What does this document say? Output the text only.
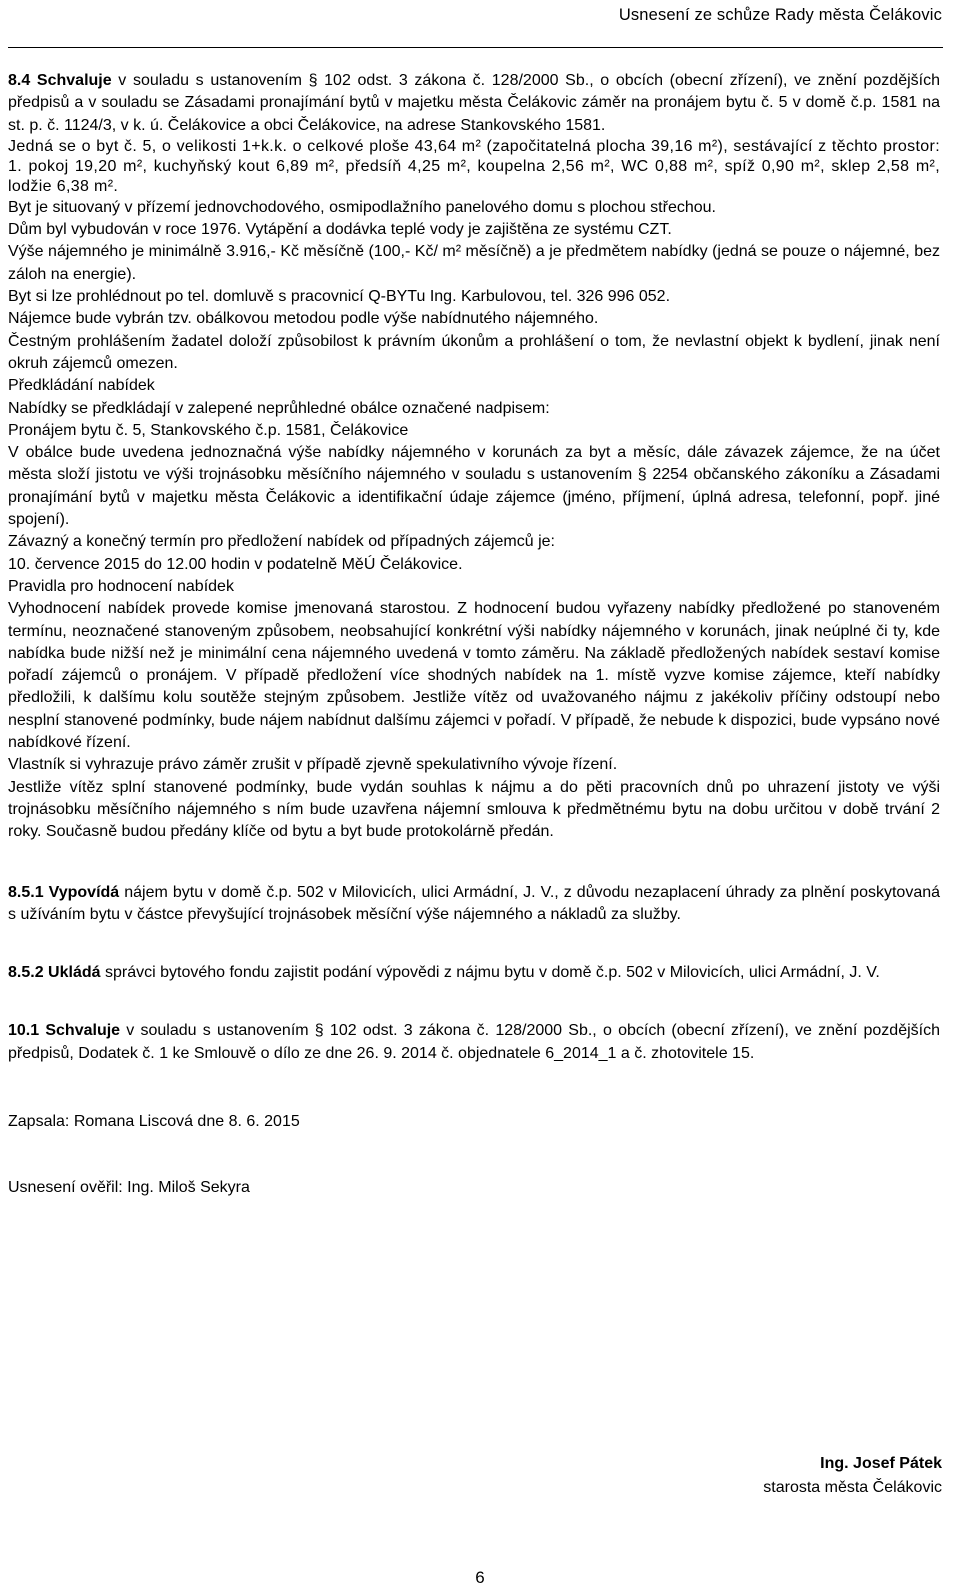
Usnesení ze schůze Rady města Čelákovic

8.4 Schvaluje v souladu s ustanovením § 102 odst. 3 zákona č. 128/2000 Sb., o obcích (obecní zřízení), ve znění pozdějších předpisů a v souladu se Zásadami pronajímání bytů v majetku města Čelákovic záměr na pronájem bytu č. 5 v domě č.p. 1581 na st. p. č. 1124/3, v k. ú. Čelákovice a obci Čelákovice, na adrese Stankovského 1581.

Jedná se o byt č. 5, o velikosti 1+k.k. o celkové ploše 43,64 m² (započitatelná plocha 39,16 m²), sestávající z těchto prostor: 1. pokoj 19,20 m², kuchyňský kout 6,89 m², předsíň 4,25 m², koupelna 2,56 m², WC 0,88 m², spíž 0,90 m², sklep 2,58 m², lodžie 6,38 m².

Byt je situovaný v přízemí jednovchodového, osmipodlažního panelového domu s plochou střechou.

Dům byl vybudován v roce 1976. Vytápění a dodávka teplé vody je zajištěna ze systému CZT.

Výše nájemného je minimálně 3.916,- Kč měsíčně (100,- Kč/ m² měsíčně) a je předmětem nabídky (jedná se pouze o nájemné, bez záloh na energie).

Byt si lze prohlédnout po tel. domluvě s pracovnicí Q-BYTu Ing. Karbulovou, tel. 326 996 052.

Nájemce bude vybrán tzv. obálkovou metodou podle výše nabídnutého nájemného.

Čestným prohlášením žadatel doloží způsobilost k právním úkonům a prohlášení o tom, že nevlastní objekt k bydlení, jinak není okruh zájemců omezen.

Předkládání nabídek

Nabídky se předkládají v zalepené neprůhledné obálce označené nadpisem:

Pronájem bytu č. 5, Stankovského č.p. 1581, Čelákovice

V obálce bude uvedena jednoznačná výše nabídky nájemného v korunách za byt a měsíc, dále závazek zájemce, že na účet města složí jistotu ve výši trojnásobku měsíčního nájemného v souladu s ustanovením § 2254 občanského zákoníku a Zásadami pronajímání bytů v majetku města Čelákovic a identifikační údaje zájemce (jméno, příjmení, úplná adresa, telefonní, popř. jiné spojení).

Závazný a konečný termín pro předložení nabídek od případných zájemců je:

10. července 2015 do 12.00 hodin v podatelně MěÚ Čelákovice.

Pravidla pro hodnocení nabídek

Vyhodnocení nabídek provede komise jmenovaná starostou. Z hodnocení budou vyřazeny nabídky předložené po stanoveném termínu, neoznačené stanoveným způsobem, neobsahující konkrétní výši nabídky nájemného v korunách, jinak neúplné či ty, kde nabídka bude nižší než je minimální cena nájemného uvedená v tomto záměru. Na základě předložených nabídek sestaví komise pořadí zájemců o pronájem. V případě předložení více shodných nabídek na 1. místě vyzve komise zájemce, kteří nabídky předložili, k dalšímu kolu soutěže stejným způsobem. Jestliže vítěz od uvažovaného nájmu z jakékoliv příčiny odstoupí nebo nesplní stanovené podmínky, bude nájem nabídnut dalšímu zájemci v pořadí. V případě, že nebude k dispozici, bude vypsáno nové nabídkové řízení.

Vlastník si vyhrazuje právo záměr zrušit v případě zjevně spekulativního vývoje řízení.

Jestliže vítěz splní stanovené podmínky, bude vydán souhlas k nájmu a do pěti pracovních dnů po uhrazení jistoty ve výši trojnásobku měsíčního nájemného s ním bude uzavřena nájemní smlouva k předmětnému bytu na dobu určitou v době trvání 2 roky. Současně budou předány klíče od bytu a byt bude protokolárně předán.

8.5.1 Vypovídá nájem bytu v domě č.p. 502 v Milovicích, ulici Armádní, J. V., z důvodu nezaplacení úhrady za plnění poskytovaná s užíváním bytu v částce převyšující trojnásobek měsíční výše nájemného a nákladů za služby.

8.5.2 Ukládá správci bytového fondu zajistit podání výpovědi z nájmu bytu v domě č.p. 502 v Milovicích, ulici Armádní, J. V.

10.1 Schvaluje v souladu s ustanovením § 102 odst. 3 zákona č. 128/2000 Sb., o obcích (obecní zřízení), ve znění pozdějších předpisů, Dodatek č. 1 ke Smlouvě o dílo ze dne 26. 9. 2014 č. objednatele 6_2014_1 a č. zhotovitele 15.

Zapsala: Romana Liscová dne 8. 6. 2015

Usnesení ověřil: Ing. Miloš Sekyra

Ing. Josef Pátek
starosta města Čelákovic
6
